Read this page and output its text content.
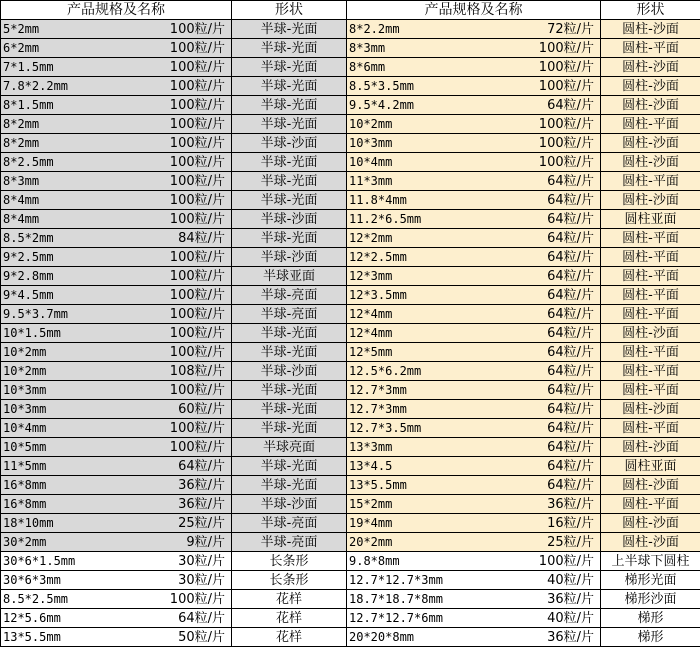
产品规格及名称	形状	产品规格及名称	形状
5*2mm 100粒/片	半球-光面	8*2.2mm 72粒/片	圆柱-沙面
6*2mm 100粒/片	半球-光面	8*3mm 100粒/片	圆柱-平面
7*1.5mm 100粒/片	半球-光面	8*6mm 100粒/片	圆柱-沙面
7.8*2.2mm 100粒/片	半球-光面	8.5*3.5mm 100粒/片	圆柱-沙面
8*1.5mm 100粒/片	半球-光面	9.5*4.2mm 64粒/片	圆柱-沙面
8*2mm 100粒/片	半球-光面	10*2mm 100粒/片	圆柱-平面
8*2mm 100粒/片	半球-沙面	10*3mm 100粒/片	圆柱-沙面
8*2.5mm 100粒/片	半球-光面	10*4mm 100粒/片	圆柱-沙面
8*3mm 100粒/片	半球-光面	11*3mm 64粒/片	圆柱-平面
8*4mm 100粒/片	半球-光面	11.8*4mm 64粒/片	圆柱-沙面
8*4mm 100粒/片	半球-沙面	11.2*6.5mm 64粒/片	圆柱亚面
8.5*2mm 84粒/片	半球-光面	12*2mm 64粒/片	圆柱-平面
9*2.5mm 100粒/片	半球-沙面	12*2.5mm 64粒/片	圆柱-平面
9*2.8mm 100粒/片	半球亚面	12*3mm 64粒/片	圆柱-平面
9*4.5mm 100粒/片	半球-亮面	12*3.5mm 64粒/片	圆柱-平面
9.5*3.7mm 100粒/片	半球-亮面	12*4mm 64粒/片	圆柱-平面
10*1.5mm 100粒/片	半球-光面	12*4mm 64粒/片	圆柱-沙面
10*2mm 100粒/片	半球-光面	12*5mm 64粒/片	圆柱-平面
10*2mm 108粒/片	半球-沙面	12.5*6.2mm 64粒/片	圆柱-平面
10*3mm 100粒/片	半球-光面	12.7*3mm 64粒/片	圆柱-平面
10*3mm 60粒/片	半球-光面	12.7*3mm 64粒/片	圆柱-沙面
10*4mm 100粒/片	半球-光面	12.7*3.5mm 64粒/片	圆柱-平面
10*5mm 100粒/片	半球亮面	13*3mm 64粒/片	圆柱-沙面
11*5mm 64粒/片	半球-光面	13*4.5 64粒/片	圆柱亚面
16*8mm 36粒/片	半球-光面	13*5.5mm 64粒/片	圆柱-沙面
16*8mm 36粒/片	半球-沙面	15*2mm 36粒/片	圆柱-平面
18*10mm 25粒/片	半球-亮面	19*4mm 16粒/片	圆柱-沙面
30*2mm 9粒/片	半球-亮面	20*2mm 25粒/片	圆柱-沙面
30*6*1.5mm 30粒/片	长条形	9.8*8mm 100粒/片	上半球下圆柱
30*6*3mm 30粒/片	长条形	12.7*12.7*3mm 40粒/片	梯形光面
8.5*2.5mm 100粒/片	花样	18.7*18.7*8mm 36粒/片	梯形沙面
12*5.6mm 64粒/片	花样	12.7*12.7*6mm 40粒/片	梯形
13*5.5mm 50粒/片	花样	20*20*8mm 36粒/片	梯形
